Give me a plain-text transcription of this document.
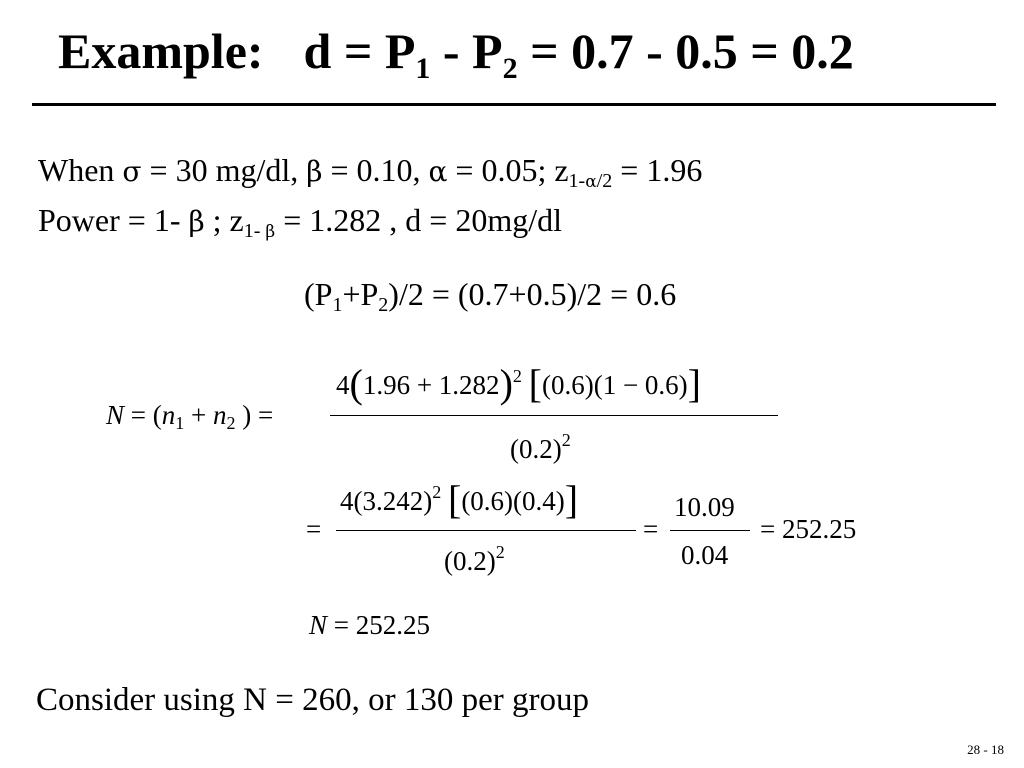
Example: $d = P_1 - P_2 = 0.7 - 0.5 = 0.2$
When σ = 30 mg/dl, β = 0.10, α = 0.05; $z_{1-\alpha/2} = 1.96$
Power = 1- β ; $z_{1- \beta} = 1.282$ , d = 20mg/dl
$(P_1+P_2)/2 = (0.7+0.5)/2 = 0.6$
$N = (n_1 + n_2$ ) =
$4(1.96 + 1.282)^2$ [(0.6)(1 − 0.6)]
$(0.2)^2$
=
$4(3.242)^2$ [(0.6)(0.4)]
$(0.2)^2$
=
10.09
0.04
= 252.25
N = 252.25
Consider using N = 260, or 130 per group
28 - 18
